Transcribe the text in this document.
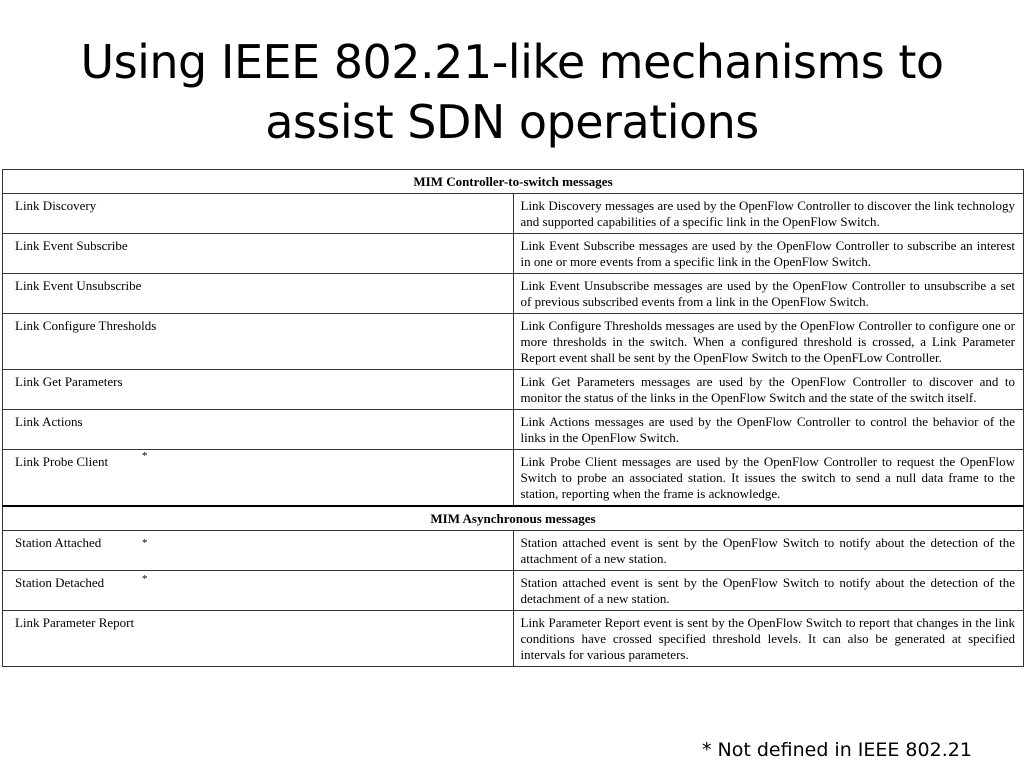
Using IEEE 802.21-like mechanisms to
assist SDN operations
MIM Controller-to-switch messages	
Link Discovery	Link Discovery messages are used by the OpenFlow Controller to discover the link technology and supported capabilities of a specific link in the OpenFlow Switch.
Link Event Subscribe	Link Event Subscribe messages are used by the OpenFlow Controller to subscribe an interest in one or more events from a specific link in the OpenFlow Switch.
Link Event Unsubscribe	Link Event Unsubscribe messages are used by the OpenFlow Controller to unsubscribe a set of previous subscribed events from a link in the OpenFlow Switch.
Link Configure Thresholds	Link Configure Thresholds messages are used by the OpenFlow Controller to configure one or more thresholds in the switch. When a configured threshold is crossed, a Link Parameter Report event shall be sent by the OpenFlow Switch to the OpenFLow Controller.
Link Get Parameters	Link Get Parameters messages are used by the OpenFlow Controller to discover and to monitor the status of the links in the OpenFlow Switch and the state of the switch itself.
Link Actions	Link Actions messages are used by the OpenFlow Controller to control the behavior of the links in the OpenFlow Switch.
Link Probe Client *	Link Probe Client messages are used by the OpenFlow Controller to request the OpenFlow Switch to probe an associated station. It issues the switch to send a null data frame to the station, reporting when the frame is acknowledge.
MIM Asynchronous messages	
Station Attached *	Station attached event is sent by the OpenFlow Switch to notify about the detection of the attachment of a new station.
Station Detached *	Station attached event is sent by the OpenFlow Switch to notify about the detection of the detachment of a new station.
Link Parameter Report	Link Parameter Report event is sent by the OpenFlow Switch to report that changes in the link conditions have crossed specified threshold levels. It can also be generated at specified intervals for various parameters.
* Not defined in IEEE 802.21
